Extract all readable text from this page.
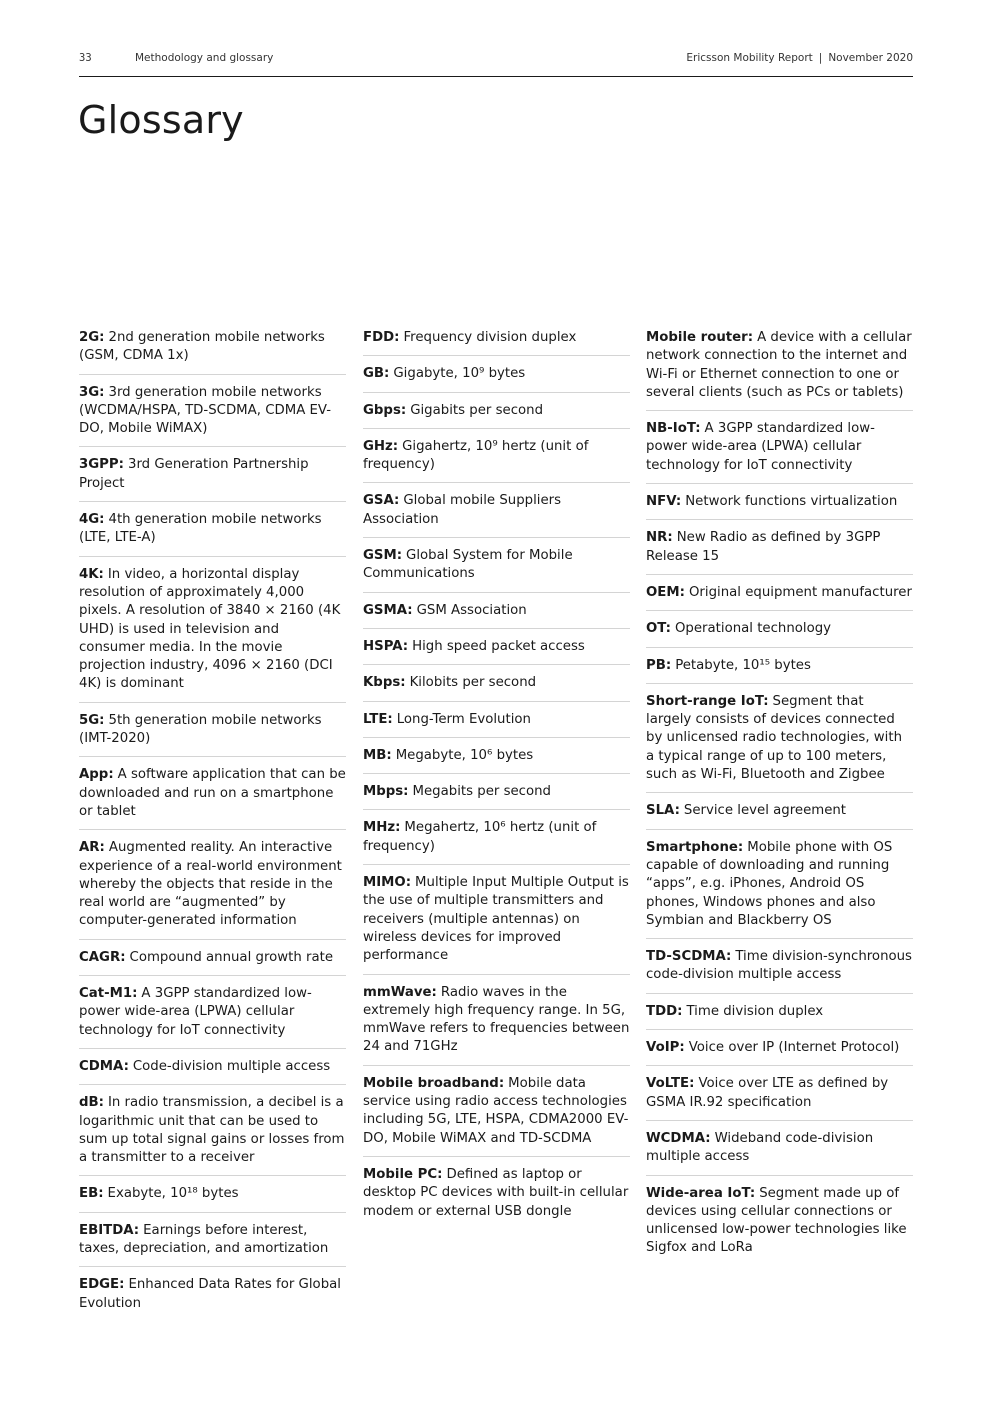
33	Methodology and glossary	Ericsson Mobility Report | November 2020
Glossary
2G: 2nd generation mobile networks (GSM, CDMA 1x)
3G: 3rd generation mobile networks (WCDMA/HSPA, TD-SCDMA, CDMA EV-DO, Mobile WiMAX)
3GPP: 3rd Generation Partnership Project
4G: 4th generation mobile networks (LTE, LTE-A)
4K: In video, a horizontal display resolution of approximately 4,000 pixels. A resolution of 3840 × 2160 (4K UHD) is used in television and consumer media. In the movie projection industry, 4096 × 2160 (DCI 4K) is dominant
5G: 5th generation mobile networks (IMT-2020)
App: A software application that can be downloaded and run on a smartphone or tablet
AR: Augmented reality. An interactive experience of a real-world environment whereby the objects that reside in the real world are “augmented” by computer-generated information
CAGR: Compound annual growth rate
Cat-M1: A 3GPP standardized low-power wide-area (LPWA) cellular technology for IoT connectivity
CDMA: Code-division multiple access
dB: In radio transmission, a decibel is a logarithmic unit that can be used to sum up total signal gains or losses from a transmitter to a receiver
EB: Exabyte, 10¹⁸ bytes
EBITDA: Earnings before interest, taxes, depreciation, and amortization
EDGE: Enhanced Data Rates for Global Evolution
FDD: Frequency division duplex
GB: Gigabyte, 10⁹ bytes
Gbps: Gigabits per second
GHz: Gigahertz, 10⁹ hertz (unit of frequency)
GSA: Global mobile Suppliers Association
GSM: Global System for Mobile Communications
GSMA: GSM Association
HSPA: High speed packet access
Kbps: Kilobits per second
LTE: Long-Term Evolution
MB: Megabyte, 10⁶ bytes
Mbps: Megabits per second
MHz: Megahertz, 10⁶ hertz (unit of frequency)
MIMO: Multiple Input Multiple Output is the use of multiple transmitters and receivers (multiple antennas) on wireless devices for improved performance
mmWave: Radio waves in the extremely high frequency range. In 5G, mmWave refers to frequencies between 24 and 71GHz
Mobile broadband: Mobile data service using radio access technologies including 5G, LTE, HSPA, CDMA2000 EV-DO, Mobile WiMAX and TD-SCDMA
Mobile PC: Defined as laptop or desktop PC devices with built-in cellular modem or external USB dongle
Mobile router: A device with a cellular network connection to the internet and Wi-Fi or Ethernet connection to one or several clients (such as PCs or tablets)
NB-IoT: A 3GPP standardized low-power wide-area (LPWA) cellular technology for IoT connectivity
NFV: Network functions virtualization
NR: New Radio as defined by 3GPP Release 15
OEM: Original equipment manufacturer
OT: Operational technology
PB: Petabyte, 10¹⁵ bytes
Short-range IoT: Segment that largely consists of devices connected by unlicensed radio technologies, with a typical range of up to 100 meters, such as Wi-Fi, Bluetooth and Zigbee
SLA: Service level agreement
Smartphone: Mobile phone with OS capable of downloading and running “apps”, e.g. iPhones, Android OS phones, Windows phones and also Symbian and Blackberry OS
TD-SCDMA: Time division-synchronous code-division multiple access
TDD: Time division duplex
VoIP: Voice over IP (Internet Protocol)
VoLTE: Voice over LTE as defined by GSMA IR.92 specification
WCDMA: Wideband code-division multiple access
Wide-area IoT: Segment made up of devices using cellular connections or unlicensed low-power technologies like Sigfox and LoRa
